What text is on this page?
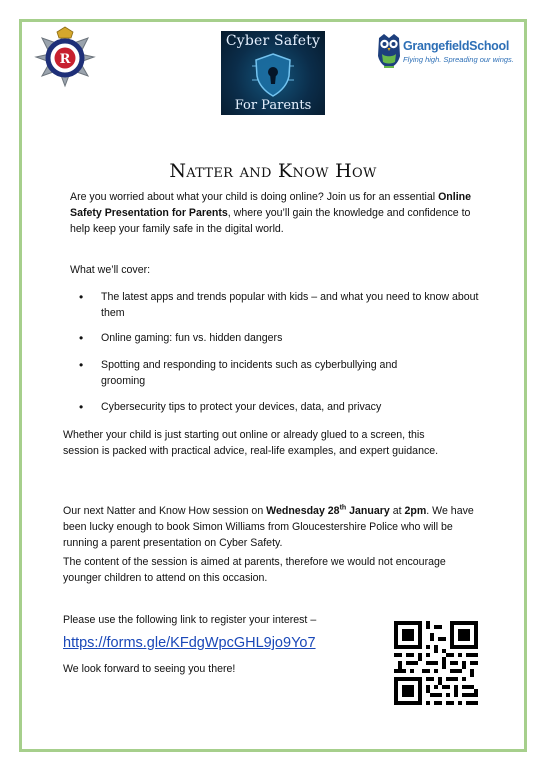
R
Cyber Safety
For Parents
GrangefieldSchool
Flying high. Spreading our wings.
Natter and Know How

Are you worried about what your child is doing online? Join us for an essential Online Safety Presentation for Parents, where you’ll gain the knowledge and confidence to help keep your family safe in the digital world.

What we’ll cover:

• The latest apps and trends popular with kids – and what you need to know about them
• Online gaming: fun vs. hidden dangers
• Spotting and responding to incidents such as cyberbullying and grooming
• Cybersecurity tips to protect your devices, data, and privacy

Whether your child is just starting out online or already glued to a screen, this session is packed with practical advice, real-life examples, and expert guidance.

Our next Natter and Know How session on Wednesday 28th January at 2pm. We have been lucky enough to book Simon Williams from Gloucestershire Police who will be running a parent presentation on Cyber Safety.

The content of the session is aimed at parents, therefore we would not encourage younger children to attend on this occasion.

Please use the following link to register your interest –

https://forms.gle/KFdgWpcGHL9jo9Yo7

We look forward to seeing you there!
